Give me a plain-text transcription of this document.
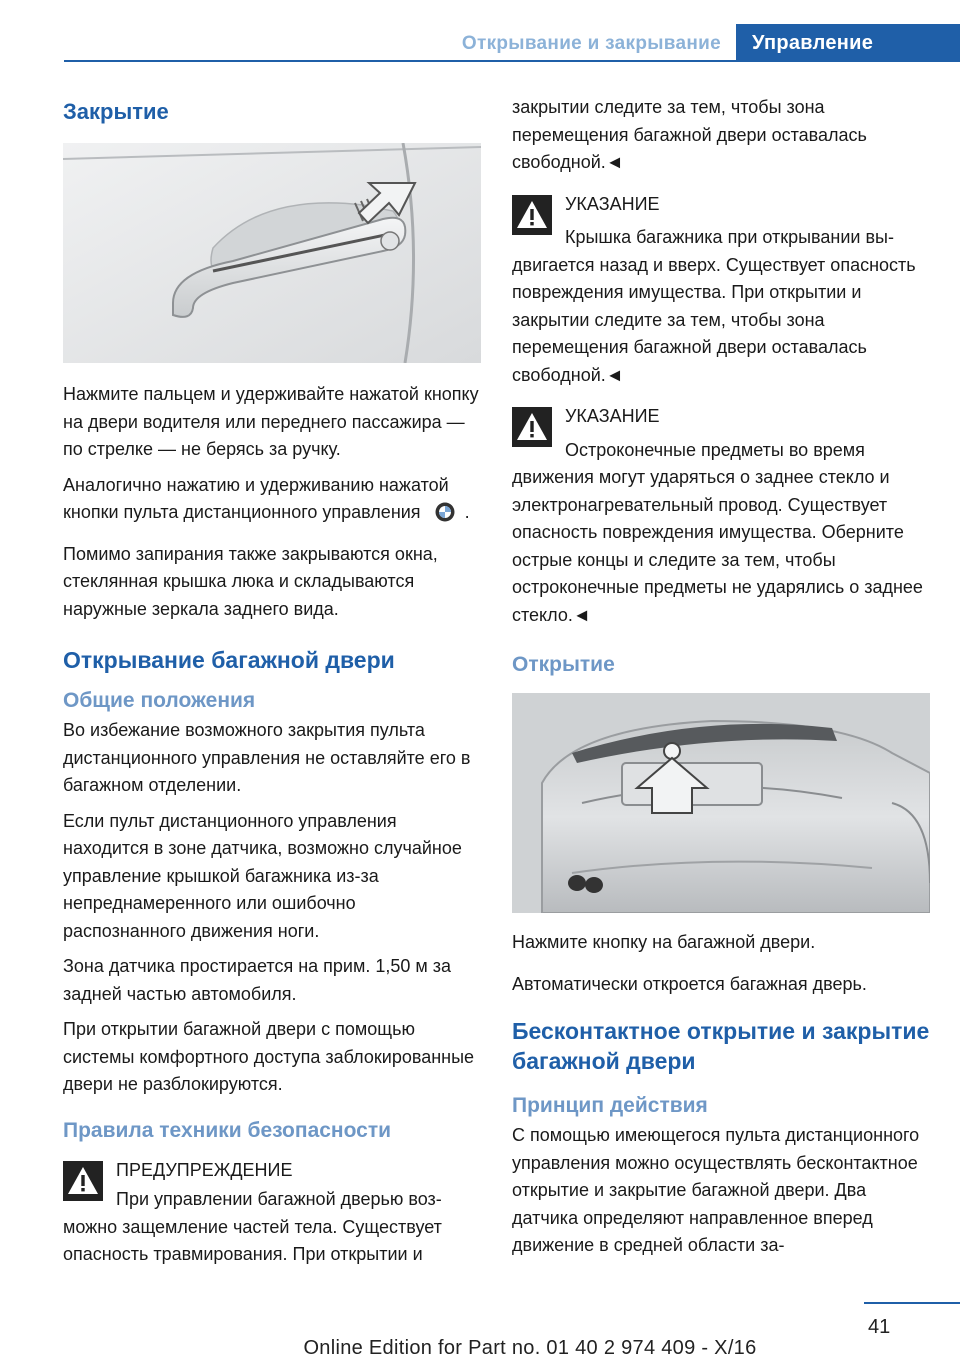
Открывание и закрывание	Управление
Закрытие

Нажмите пальцем и удерживайте нажатой кнопку на двери водителя или переднего пассажира — по стрелке — не берясь за ручку.

Аналогично нажатию и удерживанию нажатой кнопки пульта дистанционного управления .

Помимо запирания также закрываются окна, стеклянная крышка люка и складываются наружные зеркала заднего вида.

Открывание багажной двери
Общие положения

Во избежание возможного закрытия пульта дистанционного управления не оставляйте его в багажном отделении.

Если пульт дистанционного управления находится в зоне датчика, возможно случайное управление крышкой багажника из-за непреднамеренного или ошибочно распознанного движения ноги.

Зона датчика простирается на прим. 1,50 м за задней частью автомобиля.

При открытии багажной двери с помощью системы комфортного доступа заблокированные двери не разблокируются.

Правила техники безопасности
ПРЕДУПРЕЖДЕНИЕ
При управлении багажной дверью воз-

можно защемление частей тела. Существует опасность травмирования. При открытии и

закрытии следите за тем, чтобы зона перемещения багажной двери оставалась свободной.◄

УКАЗАНИЕ
Крышка багажника при открывании вы-

двигается назад и вверх. Существует опасность повреждения имущества. При открытии и закрытии следите за тем, чтобы зона перемещения багажной двери оставалась свободной.◄

УКАЗАНИЕ
Остроконечные предметы во время

движения могут ударяться о заднее стекло и электронагревательный провод. Существует опасность повреждения имущества. Оберните острые концы и следите за тем, чтобы остроконечные предметы не ударялись о заднее стекло.◄

Открытие

Нажмите кнопку на багажной двери.

Автоматически откроется багажная дверь.

Бесконтактное открытие и закрытие багажной двери
Принцип действия

С помощью имеющегося пульта дистанционного управления можно осуществлять бесконтактное открытие и закрытие багажной двери. Два датчика определяют направленное вперед движение в средней области за-

41
Online Edition for Part no. 01 40 2 974 409 - X/16
